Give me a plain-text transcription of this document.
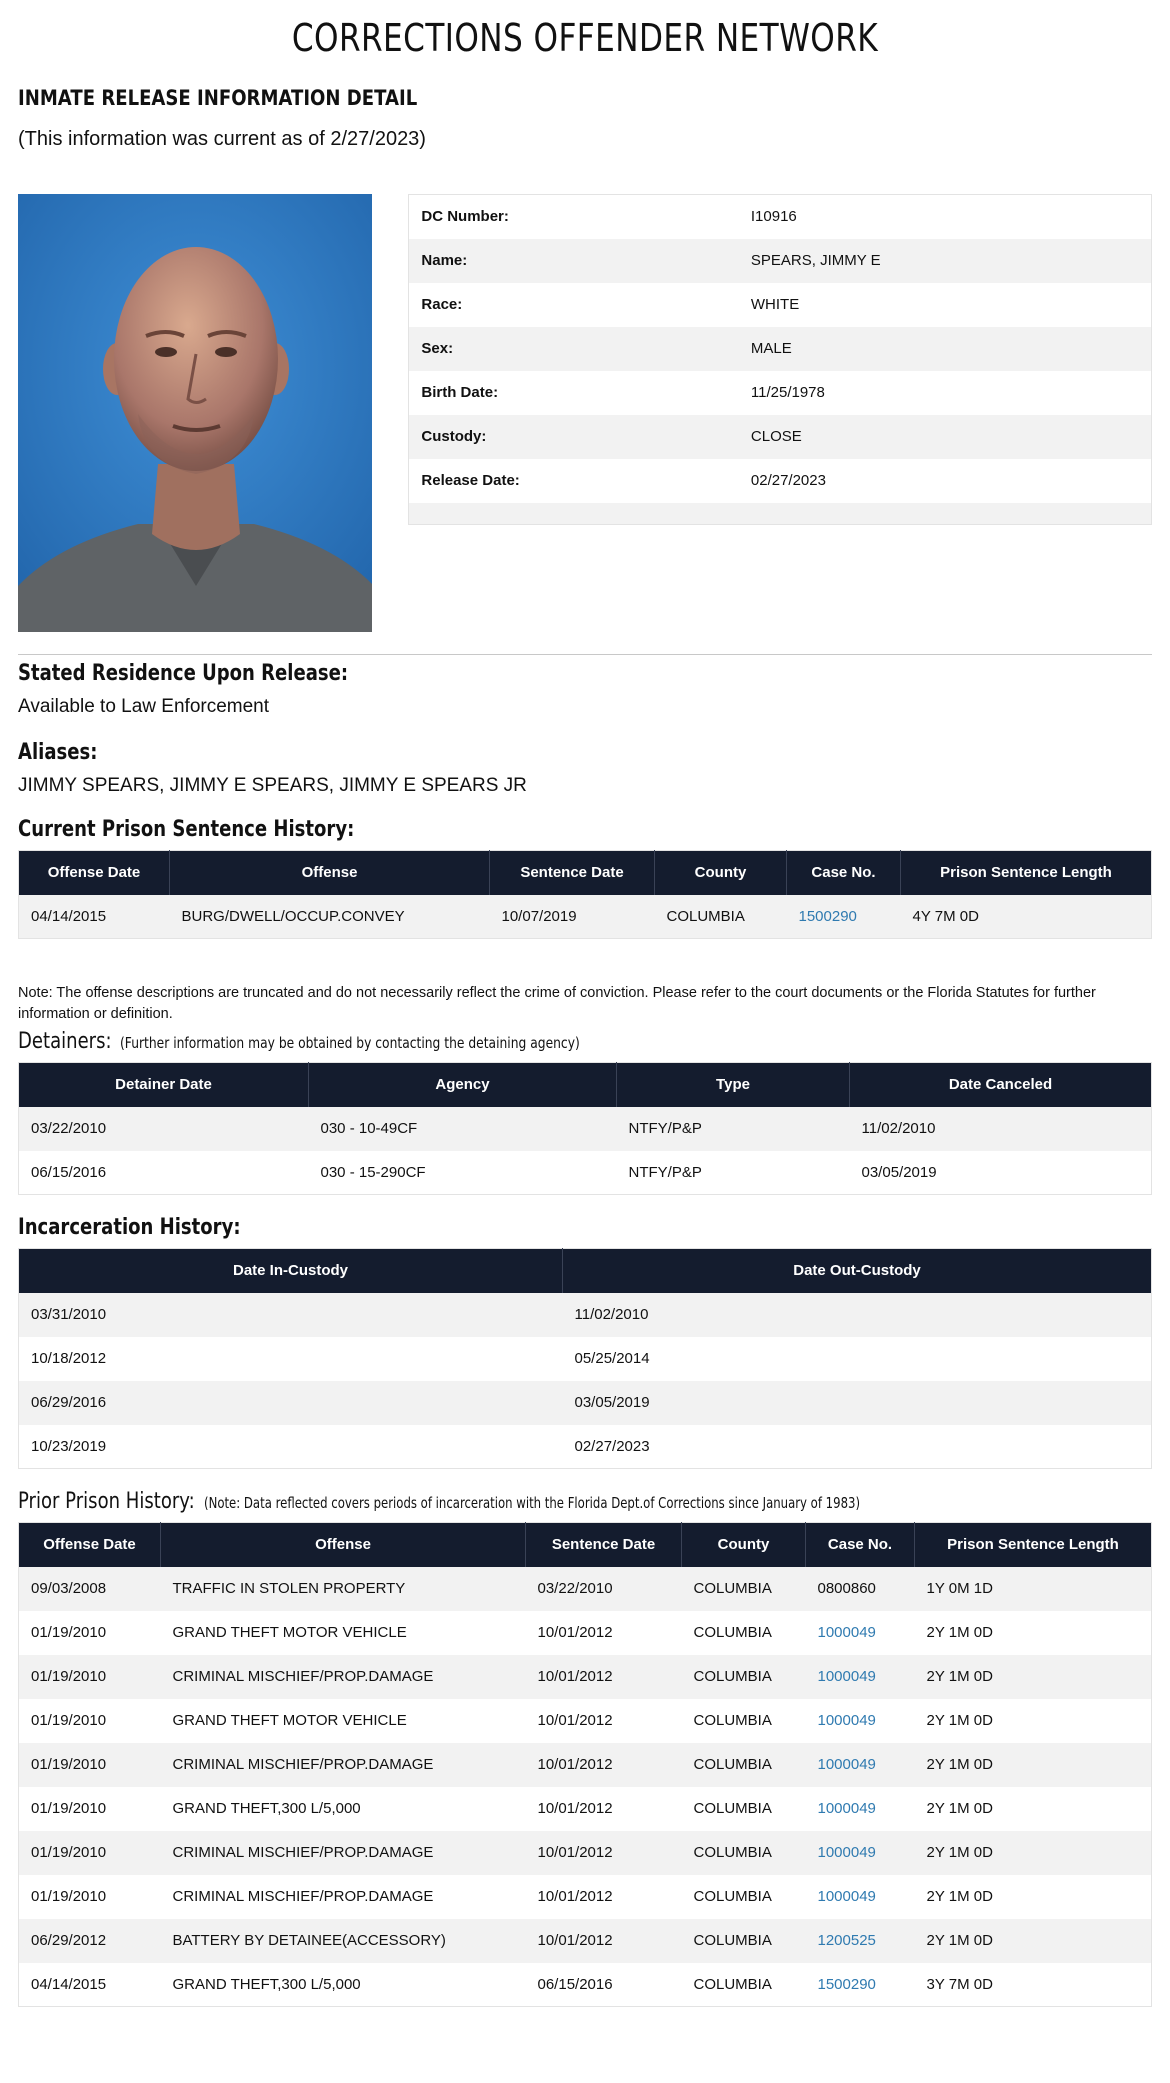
CORRECTIONS OFFENDER NETWORK
INMATE RELEASE INFORMATION DETAIL
(This information was current as of 2/27/2023)
DC Number:	I10916
Name:	SPEARS, JIMMY E
Race:	WHITE
Sex:	MALE
Birth Date:	11/25/1978
Custody:	CLOSE
Release Date:	02/27/2023

Stated Residence Upon Release:
Available to Law Enforcement
Aliases:
JIMMY SPEARS, JIMMY E SPEARS, JIMMY E SPEARS JR
Current Prison Sentence History:
Offense Date	Offense	Sentence Date	County	Case No.	Prison Sentence Length
04/14/2015	BURG/DWELL/OCCUP.CONVEY	10/07/2019	COLUMBIA	1500290	4Y 7M 0D
Note: The offense descriptions are truncated and do not necessarily reflect the crime of conviction. Please refer to the court documents or the Florida Statutes for further information or definition.
Detainers: (Further information may be obtained by contacting the detaining agency)
Detainer Date	Agency	Type	Date Canceled
03/22/2010	030 - 10-49CF	NTFY/P&P	11/02/2010
06/15/2016	030 - 15-290CF	NTFY/P&P	03/05/2019
Incarceration History:
Date In-Custody	Date Out-Custody
03/31/2010	11/02/2010
10/18/2012	05/25/2014
06/29/2016	03/05/2019
10/23/2019	02/27/2023
Prior Prison History: (Note: Data reflected covers periods of incarceration with the Florida Dept.of Corrections since January of 1983)
Offense Date	Offense	Sentence Date	County	Case No.	Prison Sentence Length
09/03/2008	TRAFFIC IN STOLEN PROPERTY	03/22/2010	COLUMBIA	0800860	1Y 0M 1D
01/19/2010	GRAND THEFT MOTOR VEHICLE	10/01/2012	COLUMBIA	1000049	2Y 1M 0D
01/19/2010	CRIMINAL MISCHIEF/PROP.DAMAGE	10/01/2012	COLUMBIA	1000049	2Y 1M 0D
01/19/2010	GRAND THEFT MOTOR VEHICLE	10/01/2012	COLUMBIA	1000049	2Y 1M 0D
01/19/2010	CRIMINAL MISCHIEF/PROP.DAMAGE	10/01/2012	COLUMBIA	1000049	2Y 1M 0D
01/19/2010	GRAND THEFT,300 L/5,000	10/01/2012	COLUMBIA	1000049	2Y 1M 0D
01/19/2010	CRIMINAL MISCHIEF/PROP.DAMAGE	10/01/2012	COLUMBIA	1000049	2Y 1M 0D
01/19/2010	CRIMINAL MISCHIEF/PROP.DAMAGE	10/01/2012	COLUMBIA	1000049	2Y 1M 0D
06/29/2012	BATTERY BY DETAINEE(ACCESSORY)	10/01/2012	COLUMBIA	1200525	2Y 1M 0D
04/14/2015	GRAND THEFT,300 L/5,000	06/15/2016	COLUMBIA	1500290	3Y 7M 0D
